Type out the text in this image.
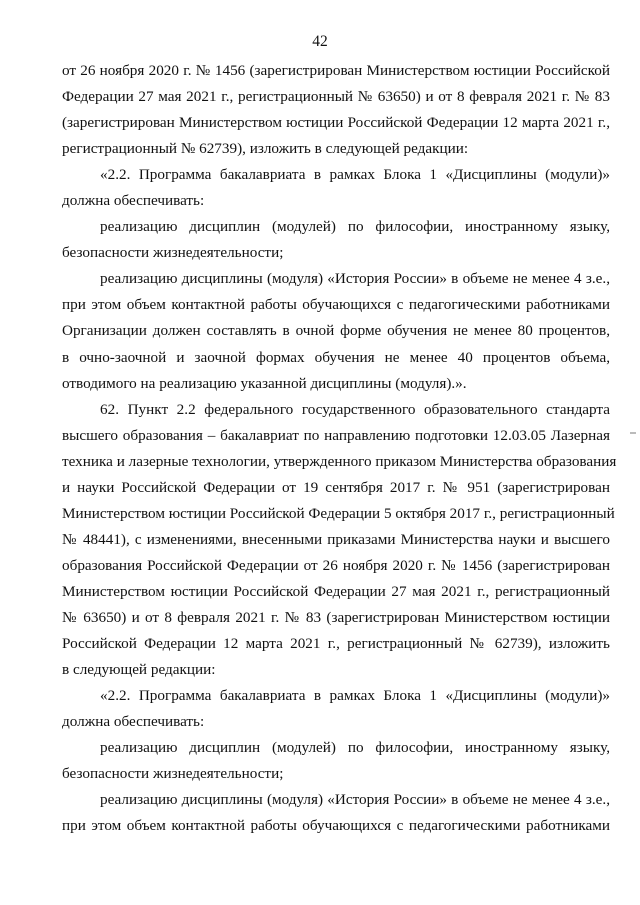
42
от 26 ноября 2020 г. № 1456 (зарегистрирован Министерством юстиции Российской
Федерации 27 мая 2021 г., регистрационный № 63650) и от 8 февраля 2021 г. № 83
(зарегистрирован Министерством юстиции Российской Федерации 12 марта 2021 г.,
регистрационный № 62739), изложить в следующей редакции:
«2.2. Программа бакалавриата в рамках Блока 1 «Дисциплины (модули)»
должна обеспечивать:
реализацию дисциплин (модулей) по философии, иностранному языку,
безопасности жизнедеятельности;
реализацию дисциплины (модуля) «История России» в объеме не менее 4 з.е.,
при этом объем контактной работы обучающихся с педагогическими работниками
Организации должен составлять в очной форме обучения не менее 80 процентов,
в очно-заочной и заочной формах обучения не менее 40 процентов объема,
отводимого на реализацию указанной дисциплины (модуля).».
62. Пункт 2.2 федерального государственного образовательного стандарта
высшего образования – бакалавриат по направлению подготовки 12.03.05 Лазерная
техника и лазерные технологии, утвержденного приказом Министерства образования
и науки Российской Федерации от 19 сентября 2017 г. № 951 (зарегистрирован
Министерством юстиции Российской Федерации 5 октября 2017 г., регистрационный
№ 48441), с изменениями, внесенными приказами Министерства науки и высшего
образования Российской Федерации от 26 ноября 2020 г. № 1456 (зарегистрирован
Министерством юстиции Российской Федерации 27 мая 2021 г., регистрационный
№ 63650) и от 8 февраля 2021 г. № 83 (зарегистрирован Министерством юстиции
Российской Федерации 12 марта 2021 г., регистрационный № 62739), изложить
в следующей редакции:
«2.2. Программа бакалавриата в рамках Блока 1 «Дисциплины (модули)»
должна обеспечивать:
реализацию дисциплин (модулей) по философии, иностранному языку,
безопасности жизнедеятельности;
реализацию дисциплины (модуля) «История России» в объеме не менее 4 з.е.,
при этом объем контактной работы обучающихся с педагогическими работниками
